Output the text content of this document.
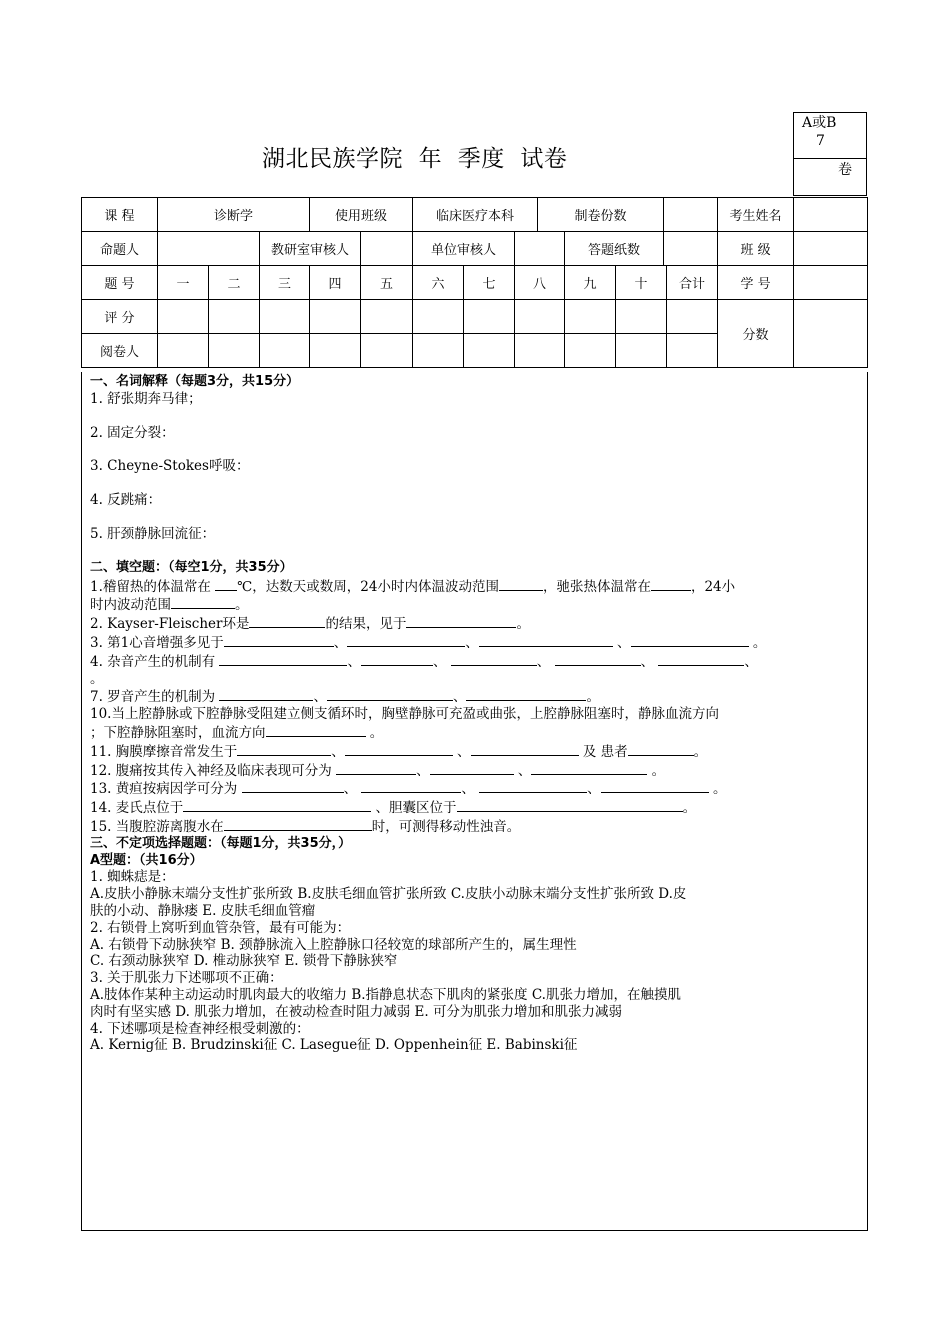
A或B
7
卷
湖北民族学院  年  季度  试卷
课 程	诊断学			使用班级		临床医疗本科			制卷份数					考生姓名	
命题人			教研室审核人			单位审核人				答题纸数				班 级	
题 号	一	二	三	四	五	六	七	八		九	十		合计	学 号	
评 分														分数	
阅卷人															

一、名词解释（每题3分，共15分）

1. 舒张期奔马律；

2. 固定分裂：

3. Cheyne-Stokes呼吸：

4. 反跳痛：

5. 肝颈静脉回流征：

二、填空题：（每空1分，共35分）

1.稽留热的体温常在 ℃，达数天或数周，24小时内体温波动范围	，驰张热体温常在	，24小

时内波动范围	。

2. Kayser-Fleischer环是	的结果，见于	。

3. 第1心音增强多见于	、	、	、	。

4. 杂音产生的机制有	、	、	、	、	、

。

7. 罗音产生的机制为	、	、	。

10.当上腔静脉或下腔静脉受阻建立侧支循环时，胸壁静脉可充盈或曲张，上腔静脉阻塞时，静脉血流方向

；下腔静脉阻塞时，血流方向	。

11. 胸膜摩擦音常发生于	、	、	及 患者	。

12. 腹痛按其传入神经及临床表现可分为	、	、	。

13. 黄疸按病因学可分为	、	、	、	。

14. 麦氏点位于	、胆囊区位于	。

15. 当腹腔游离腹水在	时，可测得移动性浊音。

三、不定项选择题题：（每题1分，共35分，）

A型题：（共16分）

1. 蜘蛛痣是：

A.皮肤小静脉末端分支性扩张所致 B.皮肤毛细血管扩张所致 C.皮肤小动脉末端分支性扩张所致 D.皮

肤的小动、静脉瘘 E. 皮肤毛细血管瘤

2. 右锁骨上窝听到血管杂管，最有可能为：

A. 右锁骨下动脉狭窄 B. 颈静脉流入上腔静脉口径较宽的球部所产生的，属生理性

C. 右颈动脉狭窄 D. 椎动脉狭窄 E. 锁骨下静脉狭窄

3. 关于肌张力下述哪项不正确：

A.肢体作某种主动运动时肌肉最大的收缩力 B.指静息状态下肌肉的紧张度 C.肌张力增加，在触摸肌

肉时有坚实感 D. 肌张力增加，在被动检查时阻力减弱 E. 可分为肌张力增加和肌张力减弱

4. 下述哪项是检查神经根受刺激的：

A. Kernig征 B. Brudzinski征 C. Lasegue征 D. Oppenhein征 E. Babinski征
